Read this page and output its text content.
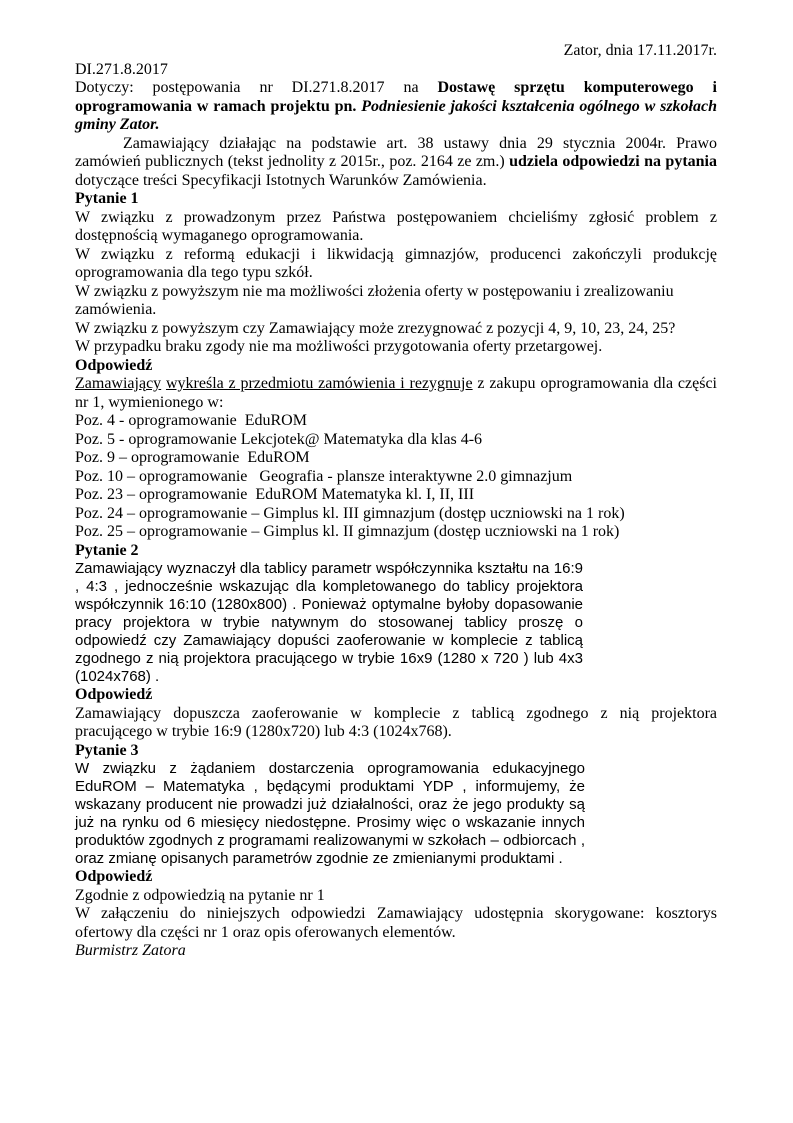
Zator, dnia 17.11.2017r.
DI.271.8.2017

Dotyczy: postępowania nr DI.271.8.2017 na Dostawę sprzętu komputerowego i oprogramowania w ramach projektu pn. Podniesienie jakości kształcenia ogólnego w szkołach gminy Zator.

Zamawiający działając na podstawie art. 38 ustawy dnia 29 stycznia 2004r. Prawo zamówień publicznych (tekst jednolity z 2015r., poz. 2164 ze zm.) udziela odpowiedzi na pytania dotyczące treści Specyfikacji Istotnych Warunków Zamówienia.

Pytanie 1

W związku z prowadzonym przez Państwa postępowaniem chcieliśmy zgłosić problem z dostępnością wymaganego oprogramowania.

W związku z reformą edukacji i likwidacją gimnazjów, producenci zakończyli produkcję oprogramowania dla tego typu szkół.

W związku z powyższym nie ma możliwości złożenia oferty w postępowaniu i zrealizowaniu zamówienia.

W związku z powyższym czy Zamawiający może zrezygnować z pozycji 4, 9, 10, 23, 24, 25?

W przypadku braku zgody nie ma możliwości przygotowania oferty przetargowej.

Odpowiedź

Zamawiający wykreśla z przedmiotu zamówienia i rezygnuje z zakupu oprogramowania dla części nr 1, wymienionego w:

Poz. 4 - oprogramowanie  EduROM
Poz. 5 - oprogramowanie Lekcjotek@ Matematyka dla klas 4-6
Poz. 9 – oprogramowanie  EduROM
Poz. 10 – oprogramowanie   Geografia - plansze interaktywne 2.0 gimnazjum
Poz. 23 – oprogramowanie  EduROM Matematyka kl. I, II, III
Poz. 24 – oprogramowanie – Gimplus kl. III gimnazjum (dostęp uczniowski na 1 rok)
Poz. 25 – oprogramowanie – Gimplus kl. II gimnazjum (dostęp uczniowski na 1 rok)
Pytanie 2

Zamawiający wyznaczył dla tablicy parametr współczynnika kształtu na 16:9 , 4:3 , jednocześnie wskazując dla kompletowanego do tablicy projektora współczynnik 16:10 (1280x800) . Ponieważ optymalne byłoby dopasowanie pracy projektora w trybie natywnym do stosowanej tablicy proszę o odpowiedź czy Zamawiający dopuści zaoferowanie w komplecie z tablicą zgodnego z nią projektora pracującego w trybie 16x9 (1280 x 720 ) lub 4x3 (1024x768) .

Odpowiedź

Zamawiający dopuszcza zaoferowanie w komplecie z tablicą zgodnego z nią projektora pracującego w trybie 16:9 (1280x720) lub 4:3 (1024x768).

Pytanie 3

W związku z żądaniem dostarczenia oprogramowania edukacyjnego EduROM – Matematyka , będącymi produktami YDP , informujemy, że wskazany producent nie prowadzi już działalności, oraz że jego produkty są już na rynku od 6 miesięcy niedostępne. Prosimy więc o wskazanie innych produktów zgodnych z programami realizowanymi w szkołach – odbiorcach , oraz zmianę opisanych parametrów zgodnie ze zmienianymi produktami .

Odpowiedź

Zgodnie z odpowiedzią na pytanie nr 1

W załączeniu do niniejszych odpowiedzi Zamawiający udostępnia skorygowane: kosztorys ofertowy dla części nr 1 oraz opis oferowanych elementów.

Burmistrz Zatora
